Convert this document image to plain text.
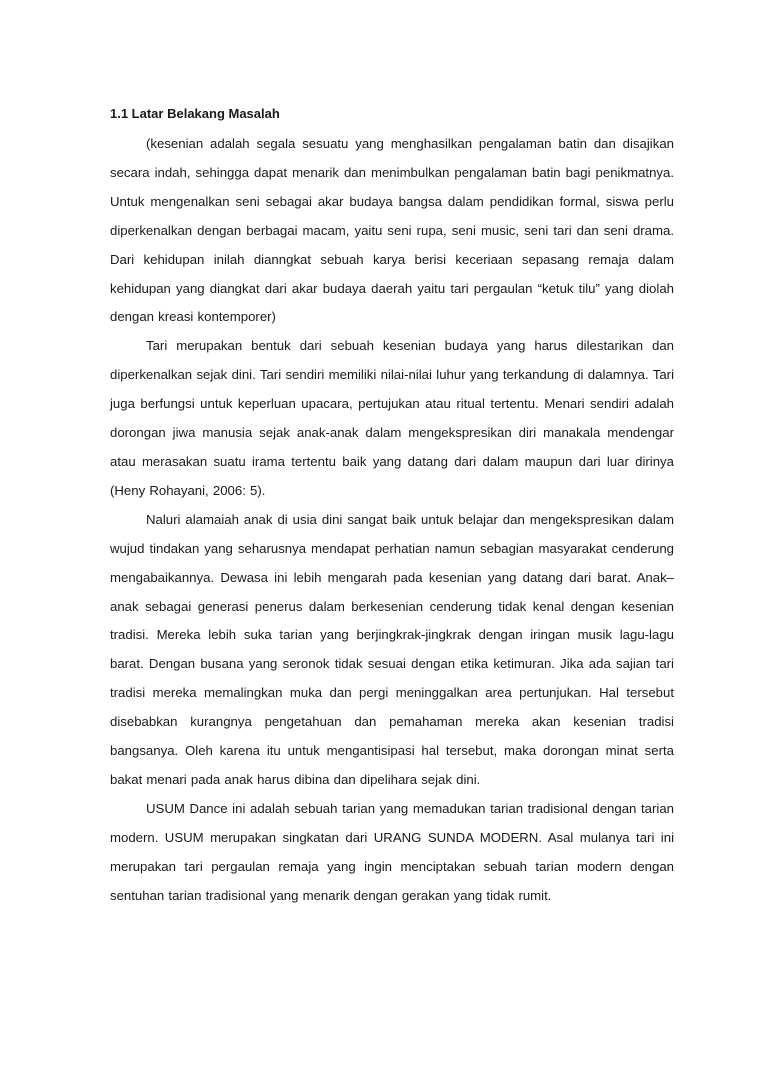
1.1 Latar Belakang Masalah

(kesenian adalah segala sesuatu yang menghasilkan pengalaman batin dan disajikan secara indah, sehingga dapat menarik dan menimbulkan pengalaman batin bagi penikmatnya. Untuk mengenalkan seni sebagai akar budaya bangsa dalam pendidikan formal, siswa perlu diperkenalkan dengan berbagai macam, yaitu seni rupa, seni music, seni tari dan seni drama. Dari kehidupan inilah dianngkat sebuah karya berisi keceriaan sepasang remaja dalam kehidupan yang diangkat dari akar budaya daerah yaitu tari pergaulan “ketuk tilu” yang diolah dengan kreasi kontemporer)

Tari merupakan bentuk dari sebuah kesenian budaya yang harus dilestarikan dan diperkenalkan sejak dini. Tari sendiri memiliki nilai-nilai luhur yang terkandung di dalamnya. Tari juga berfungsi untuk keperluan upacara, pertujukan atau ritual tertentu. Menari sendiri adalah dorongan jiwa manusia sejak anak-anak dalam mengekspresikan diri manakala mendengar atau merasakan suatu irama tertentu baik yang datang dari dalam maupun dari luar dirinya (Heny Rohayani, 2006: 5).

Naluri alamaiah anak di usia dini sangat baik untuk belajar dan mengekspresikan dalam wujud tindakan yang seharusnya mendapat perhatian namun sebagian masyarakat cenderung mengabaikannya. Dewasa ini lebih mengarah pada kesenian yang datang dari barat. Anak–anak sebagai generasi penerus dalam berkesenian cenderung tidak kenal dengan kesenian tradisi. Mereka lebih suka tarian yang berjingkrak-jingkrak dengan iringan musik lagu-lagu barat. Dengan busana yang seronok tidak sesuai dengan etika ketimuran. Jika ada sajian tari tradisi mereka memalingkan muka dan pergi meninggalkan area pertunjukan. Hal tersebut disebabkan kurangnya pengetahuan dan pemahaman mereka akan kesenian tradisi bangsanya. Oleh karena itu untuk mengantisipasi hal tersebut, maka dorongan minat serta bakat menari pada anak harus dibina dan dipelihara sejak dini.

USUM Dance ini adalah sebuah tarian yang memadukan tarian tradisional dengan tarian modern. USUM merupakan singkatan dari URANG SUNDA MODERN. Asal mulanya tari ini merupakan tari pergaulan remaja yang ingin menciptakan sebuah tarian modern dengan sentuhan tarian tradisional yang menarik dengan gerakan yang tidak rumit.
